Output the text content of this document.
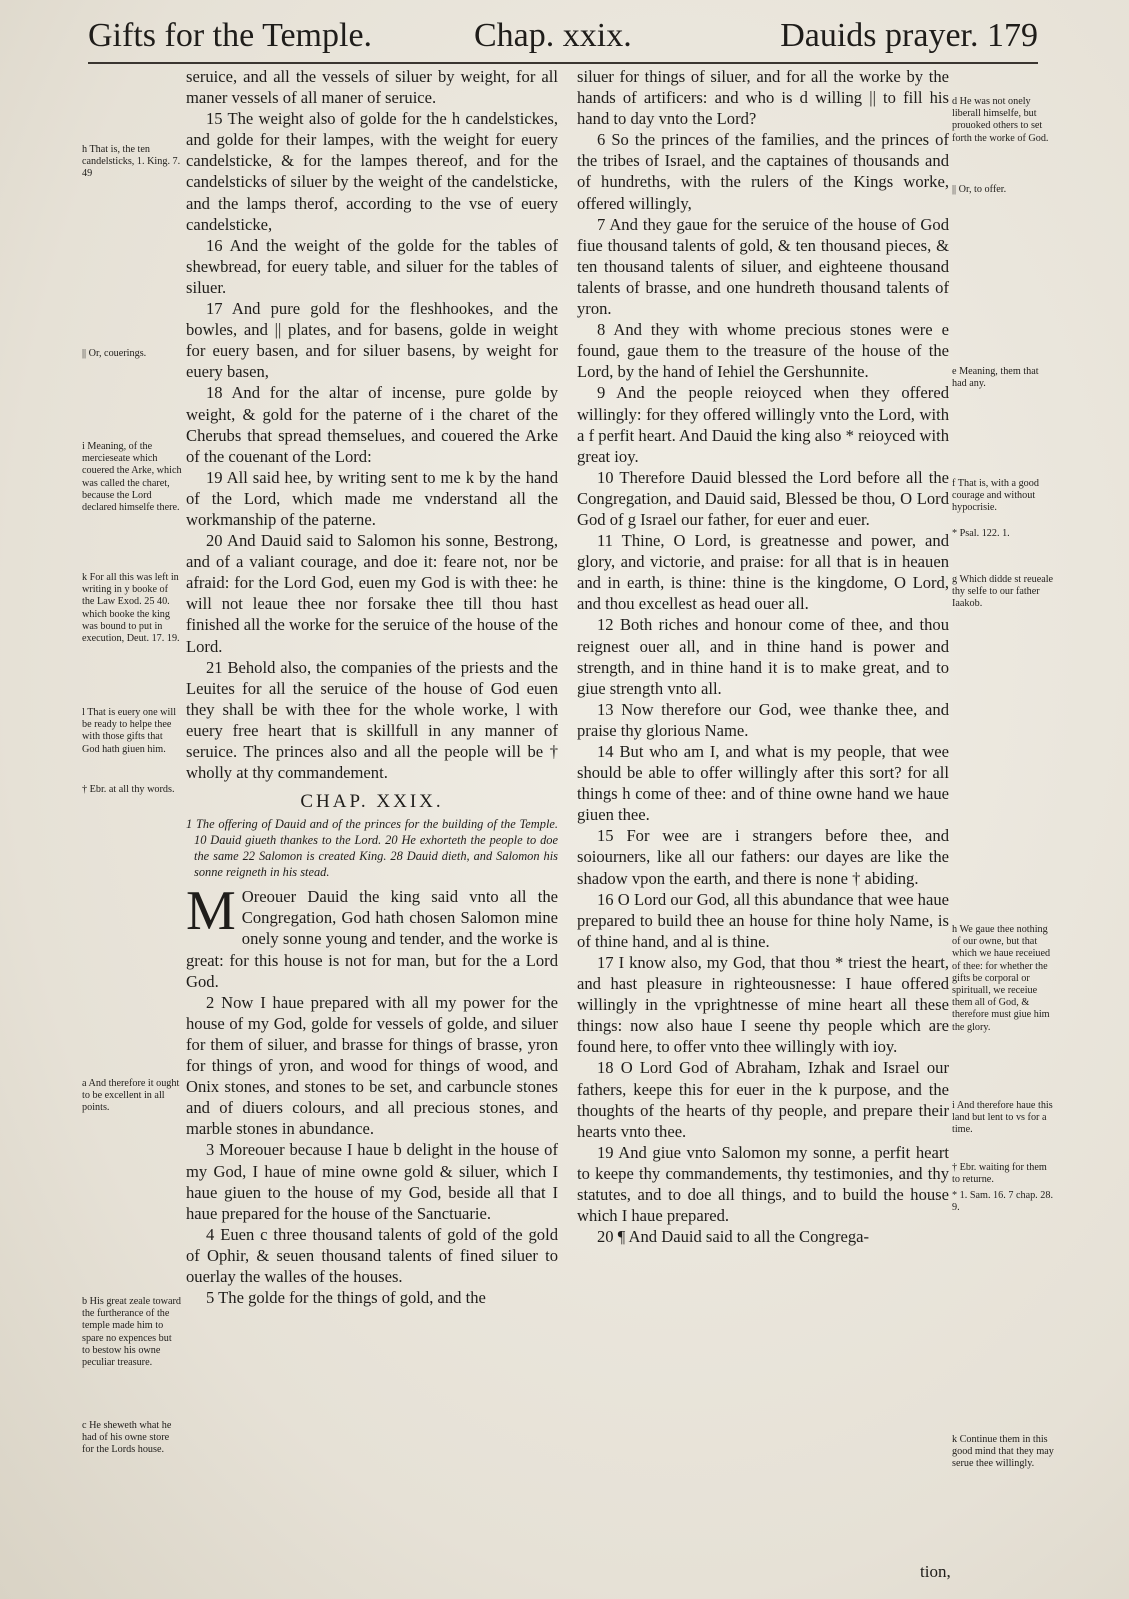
Gifts for the Temple.	Chap. xxix.	Dauids prayer. 179

h That is, the ten candelsticks, 1. King. 7. 49

|| Or, couerings.

i Meaning, of the mercieseate which couered the Arke, which was called the charet, because the Lord declared himselfe there.

k For all this was left in writing in y booke of the Law Exod. 25 40. which booke the king was bound to put in execution, Deut. 17. 19.

l That is euery one will be ready to helpe thee with those gifts that God hath giuen him.

† Ebr. at all thy words.

a And therefore it ought to be excellent in all points.

b His great zeale toward the furtherance of the temple made him to spare no expences but to bestow his owne peculiar treasure.

c He sheweth what he had of his owne store for the Lords house.

seruice, and all the vessels of siluer by weight, for all maner vessels of all maner of seruice.

15 The weight also of golde for the h candelstickes, and golde for their lampes, with the weight for euery candelsticke, & for the lampes thereof, and for the candelsticks of siluer by the weight of the candelsticke, and the lamps therof, according to the vse of euery candelsticke,

16 And the weight of the golde for the tables of shewbread, for euery table, and siluer for the tables of siluer.

17 And pure gold for the fleshhookes, and the bowles, and || plates, and for basens, golde in weight for euery basen, and for siluer basens, by weight for euery basen,

18 And for the altar of incense, pure golde by weight, & gold for the paterne of i the charet of the Cherubs that spread themselues, and couered the Arke of the couenant of the Lord:

19 All said hee, by writing sent to me k by the hand of the Lord, which made me vnderstand all the workmanship of the paterne.

20 And Dauid said to Salomon his sonne, Bestrong, and of a valiant courage, and doe it: feare not, nor be afraid: for the Lord God, euen my God is with thee: he will not leaue thee nor forsake thee till thou hast finished all the worke for the seruice of the house of the Lord.

21 Behold also, the companies of the priests and the Leuites for all the seruice of the house of God euen they shall be with thee for the whole worke, l with euery free heart that is skillfull in any manner of seruice. The princes also and all the people will be † wholly at thy commandement.

CHAP. XXIX.

1 The offering of Dauid and of the princes for the building of the Temple. 10 Dauid giueth thankes to the Lord. 20 He exhorteth the people to doe the same 22 Salomon is created King. 28 Dauid dieth, and Salomon his sonne reigneth in his stead.

M Oreouer Dauid the king said vnto all the Congregation, God hath chosen Salomon mine onely sonne young and tender, and the worke is great: for this house is not for man, but for the a Lord God.

2 Now I haue prepared with all my power for the house of my God, golde for vessels of golde, and siluer for them of siluer, and brasse for things of brasse, yron for things of yron, and wood for things of wood, and Onix stones, and stones to be set, and carbuncle stones and of diuers colours, and all precious stones, and marble stones in abundance.

3 Moreouer because I haue b delight in the house of my God, I haue of mine owne gold & siluer, which I haue giuen to the house of my God, beside all that I haue prepared for the house of the Sanctuarie.

4 Euen c three thousand talents of gold of the gold of Ophir, & seuen thousand talents of fined siluer to ouerlay the walles of the houses.

5 The golde for the things of gold, and the

siluer for things of siluer, and for all the worke by the hands of artificers: and who is d willing || to fill his hand to day vnto the Lord?

6 So the princes of the families, and the princes of the tribes of Israel, and the captaines of thousands and of hundreths, with the rulers of the Kings worke, offered willingly,

7 And they gaue for the seruice of the house of God fiue thousand talents of gold, & ten thousand pieces, & ten thousand talents of siluer, and eighteene thousand talents of brasse, and one hundreth thousand talents of yron.

8 And they with whome precious stones were e found, gaue them to the treasure of the house of the Lord, by the hand of Iehiel the Gershunnite.

9 And the people reioyced when they offered willingly: for they offered willingly vnto the Lord, with a f perfit heart. And Dauid the king also * reioyced with great ioy.

10 Therefore Dauid blessed the Lord before all the Congregation, and Dauid said, Blessed be thou, O Lord God of g Israel our father, for euer and euer.

11 Thine, O Lord, is greatnesse and power, and glory, and victorie, and praise: for all that is in heauen and in earth, is thine: thine is the kingdome, O Lord, and thou excellest as head ouer all.

12 Both riches and honour come of thee, and thou reignest ouer all, and in thine hand is power and strength, and in thine hand it is to make great, and to giue strength vnto all.

13 Now therefore our God, wee thanke thee, and praise thy glorious Name.

14 But who am I, and what is my people, that wee should be able to offer willingly after this sort? for all things h come of thee: and of thine owne hand we haue giuen thee.

15 For wee are i strangers before thee, and soiourners, like all our fathers: our dayes are like the shadow vpon the earth, and there is none † abiding.

16 O Lord our God, all this abundance that wee haue prepared to build thee an house for thine holy Name, is of thine hand, and al is thine.

17 I know also, my God, that thou * triest the heart, and hast pleasure in righteousnesse: I haue offered willingly in the vprightnesse of mine heart all these things: now also haue I seene thy people which are found here, to offer vnto thee willingly with ioy.

18 O Lord God of Abraham, Izhak and Israel our fathers, keepe this for euer in the k purpose, and the thoughts of the hearts of thy people, and prepare their hearts vnto thee.

19 And giue vnto Salomon my sonne, a perfit heart to keepe thy commandements, thy testimonies, and thy statutes, and to doe all things, and to build the house which I haue prepared.

20 ¶ And Dauid said to all the Congrega-

d He was not onely liberall himselfe, but prouoked others to set forth the worke of God.

|| Or, to offer.

e Meaning, them that had any.

f That is, with a good courage and without hypocrisie.

* Psal. 122. 1.

g Which didde st reueale thy selfe to our father Iaakob.

h We gaue thee nothing of our owne, but that which we haue receiued of thee: for whether the gifts be corporal or spirituall, we receiue them all of God, & therefore must giue him the glory.

i And therefore haue this land but lent to vs for a time.

† Ebr. waiting for them to returne.

* 1. Sam. 16. 7 chap. 28. 9.

k Continue them in this good mind that they may serue thee willingly.

tion,
